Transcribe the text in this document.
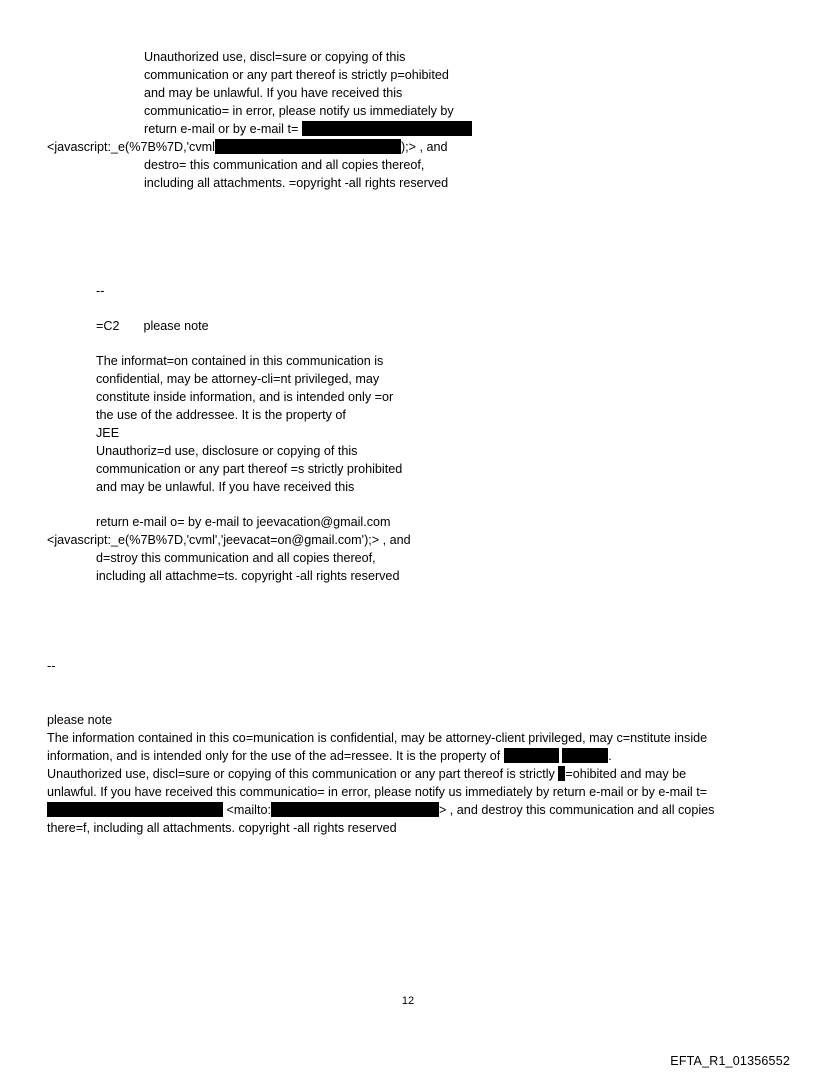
Unauthorized use, discl=sure or copying of this
communication or any part thereof is strictly p=ohibited
and may be unlawful. If you have received this
communicatio= in error, please notify us immediately by
return e-mail or by e-mail t=
<javascript:_e(%7B%7D,'cvml	);> , and
destro= this communication and all copies thereof,
including all attachments. =opyright -all rights reserved
--
=C2 please note
The informat=on contained in this communication is
confidential, may be attorney-cli=nt privileged, may
constitute inside information, and is intended only =or
the use of the addressee. It is the property of
JEE
Unauthoriz=d use, disclosure or copying of this
communication or any part thereof =s strictly prohibited
and may be unlawful. If you have received this
return e-mail o= by e-mail to jeevacation@gmail.com
<javascript:_e(%7B%7D,'cvml','jeevacat=on@gmail.com');> , and
d=stroy this communication and all copies thereof,
including all attachme=ts. copyright -all rights reserved
--
please note
The information contained in this co=munication is confidential, may be attorney-client privileged, may c=nstitute inside
information, and is intended only for the use of the ad=ressee. It is the property of	.
Unauthorized use, discl=sure or copying of this communication or any part thereof is strictly =ohibited and may be
unlawful. If you have received this communicatio= in error, please notify us immediately by return e-mail or by e-mail t=
<mailto:	> , and destroy this communication and all copies
there=f, including all attachments. copyright -all rights reserved
12
EFTA_R1_01356552
